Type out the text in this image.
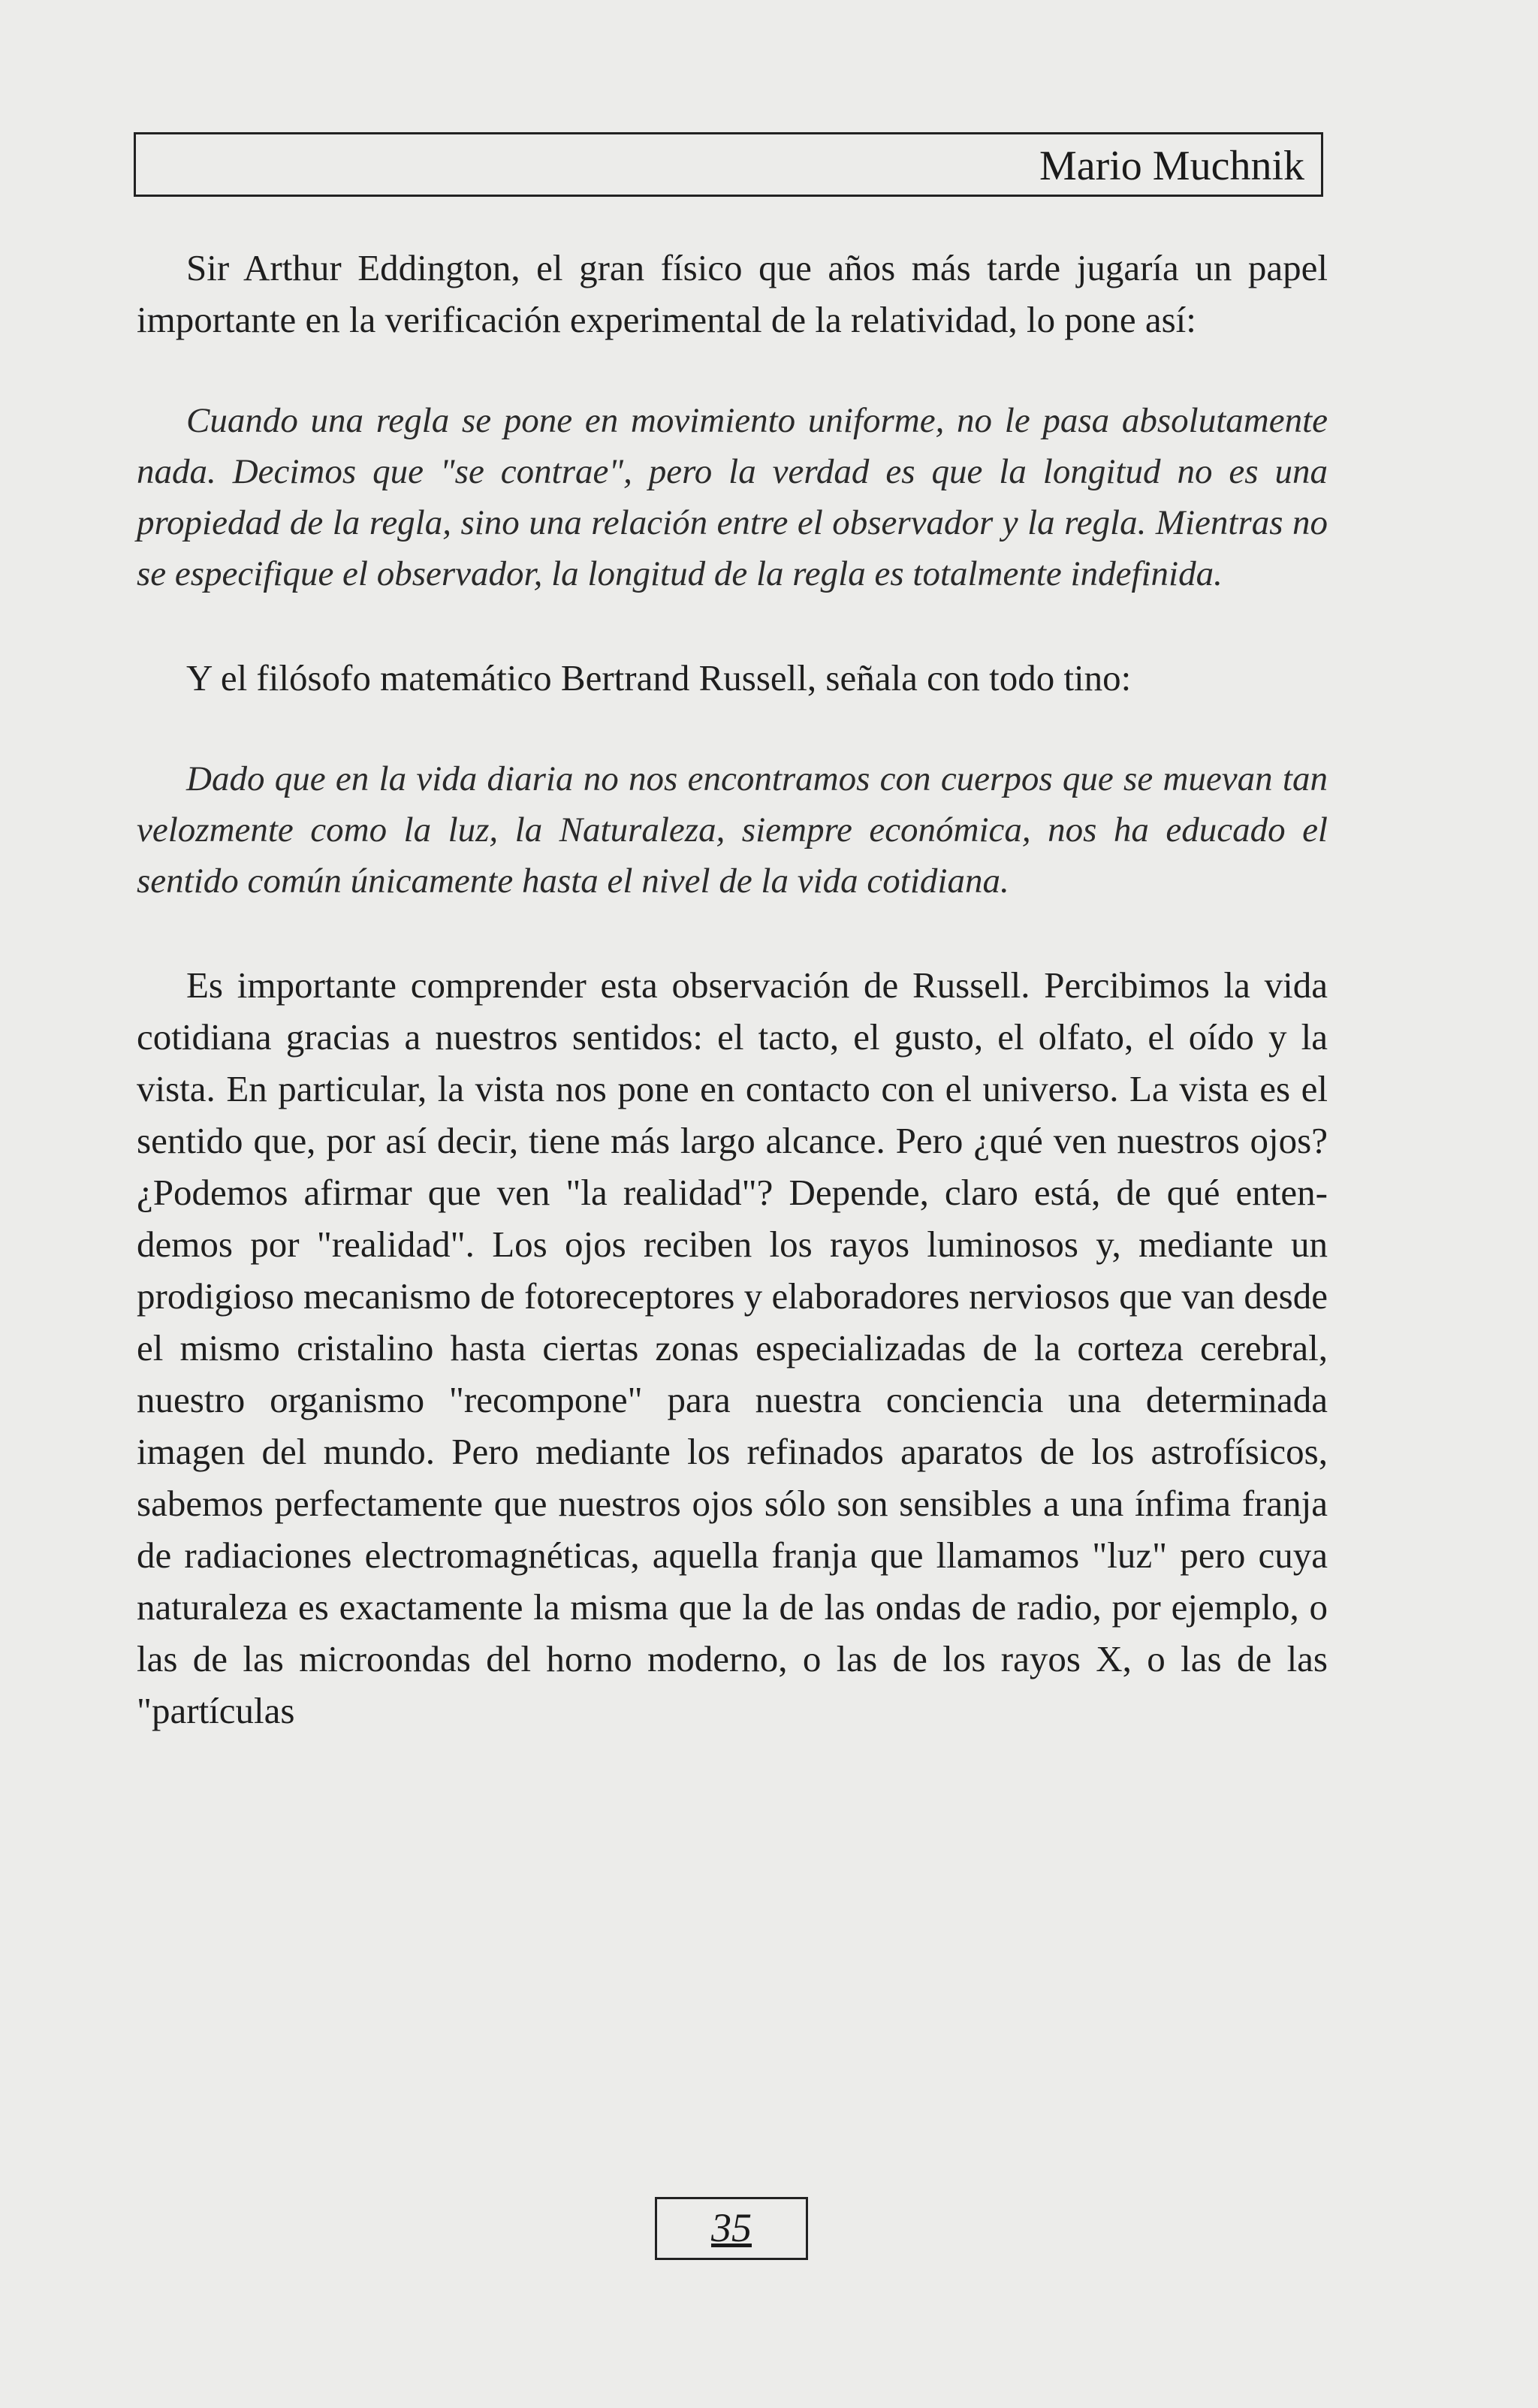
Mario Muchnik

Sir Arthur Eddington, el gran físico que años más tarde jugaría un papel importante en la verificación experimental de la relatividad, lo pone así:

Cuando una regla se pone en movimiento uniforme, no le pasa absolutamente nada. Decimos que "se contrae", pero la verdad es que la longitud no es una propiedad de la regla, sino una relación entre el observador y la regla. Mientras no se especifique el observador, la longitud de la regla es totalmente indefinida.

Y el filósofo matemático Bertrand Russell, señala con todo tino:

Dado que en la vida diaria no nos encontramos con cuerpos que se muevan tan velozmente como la luz, la Naturaleza, siempre económica, nos ha educado el sentido común únicamente hasta el nivel de la vida cotidiana.

Es importante comprender esta observación de Russell. Percibimos la vida cotidiana gracias a nuestros sentidos: el tacto, el gusto, el olfato, el oído y la vista. En particular, la vista nos pone en contacto con el universo. La vista es el sentido que, por así decir, tiene más largo alcance. Pero ¿qué ven nuestros ojos? ¿Podemos afirmar que ven "la realidad"? Depende, claro está, de qué entendemos por "realidad". Los ojos reciben los rayos luminosos y, mediante un prodigioso mecanismo de fotoreceptores y elaboradores nerviosos que van desde el mismo cristalino hasta ciertas zonas especializadas de la corteza cerebral, nuestro organismo "recompone" para nuestra conciencia una determinada imagen del mundo. Pero mediante los refinados aparatos de los astrofísicos, sabemos perfectamente que nuestros ojos sólo son sensibles a una ínfima franja de radiaciones electromagnéticas, aquella franja que llamamos "luz" pero cuya naturaleza es exactamente la misma que la de las ondas de radio, por ejemplo, o las de las microondas del horno moderno, o las de los rayos X, o las de las "partículas

35
